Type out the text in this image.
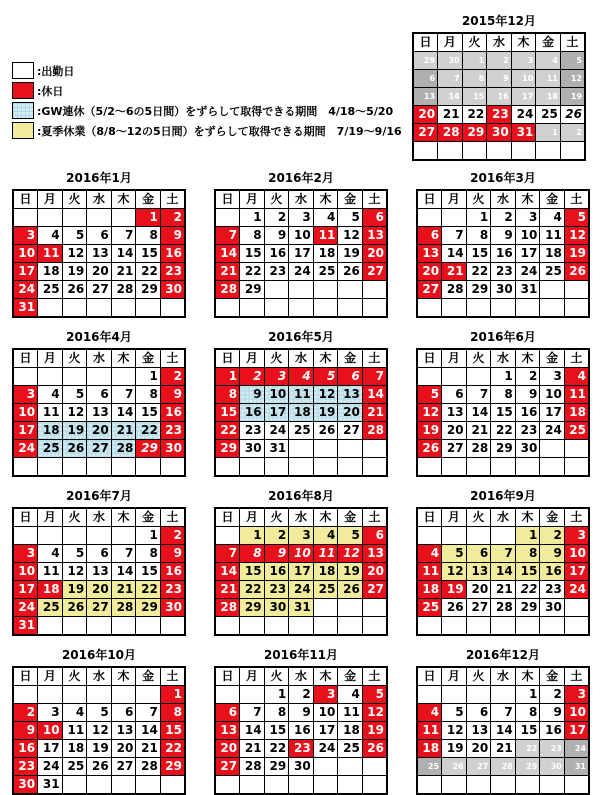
:出勤日
:休日
:GW連休（5/2～6の5日間）をずらして取得できる期間　4/18～5/20
:夏季休業（8/8～12の5日間）をずらして取得できる期間　7/19～9/16
2015年12月
日	月	火	水	木	金	土
29	30	1	2	3	4	5
6	7	8	9	10	11	12
13	14	15	16	17	18	19
20	21	22	23	24	25	26
27	28	29	30	31	1	2

2016年1月
日	月	火	水	木	金	土
					1	2
3	4	5	6	7	8	9
10	11	12	13	14	15	16
17	18	19	20	21	22	23
24	25	26	27	28	29	30
31						
2016年2月
日	月	火	水	木	金	土
	1	2	3	4	5	6
7	8	9	10	11	12	13
14	15	16	17	18	19	20
21	22	23	24	25	26	27
28	29					

2016年3月
日	月	火	水	木	金	土
		1	2	3	4	5
6	7	8	9	10	11	12
13	14	15	16	17	18	19
20	21	22	23	24	25	26
27	28	29	30	31		

2016年4月
日	月	火	水	木	金	土
					1	2
3	4	5	6	7	8	9
10	11	12	13	14	15	16
17	18	19	20	21	22	23
24	25	26	27	28	29	30

2016年5月
日	月	火	水	木	金	土
1	2	3	4	5	6	7
8	9	10	11	12	13	14
15	16	17	18	19	20	21
22	23	24	25	26	27	28
29	30	31				

2016年6月
日	月	火	水	木	金	土
			1	2	3	4
5	6	7	8	9	10	11
12	13	14	15	16	17	18
19	20	21	22	23	24	25
26	27	28	29	30		

2016年7月
日	月	火	水	木	金	土
					1	2
3	4	5	6	7	8	9
10	11	12	13	14	15	16
17	18	19	20	21	22	23
24	25	26	27	28	29	30
31						
2016年8月
日	月	火	水	木	金	土
	1	2	3	4	5	6
7	8	9	10	11	12	13
14	15	16	17	18	19	20
21	22	23	24	25	26	27
28	29	30	31			

2016年9月
日	月	火	水	木	金	土
				1	2	3
4	5	6	7	8	9	10
11	12	13	14	15	16	17
18	19	20	21	22	23	24
25	26	27	28	29	30	

2016年10月
日	月	火	水	木	金	土
						1
2	3	4	5	6	7	8
9	10	11	12	13	14	15
16	17	18	19	20	21	22
23	24	25	26	27	28	29
30	31					
2016年11月
日	月	火	水	木	金	土
		1	2	3	4	5
6	7	8	9	10	11	12
13	14	15	16	17	18	19
20	21	22	23	24	25	26
27	28	29	30			

2016年12月
日	月	火	水	木	金	土
				1	2	3
4	5	6	7	8	9	10
11	12	13	14	15	16	17
18	19	20	21	22	23	24
25	26	27	28	29	30	31
